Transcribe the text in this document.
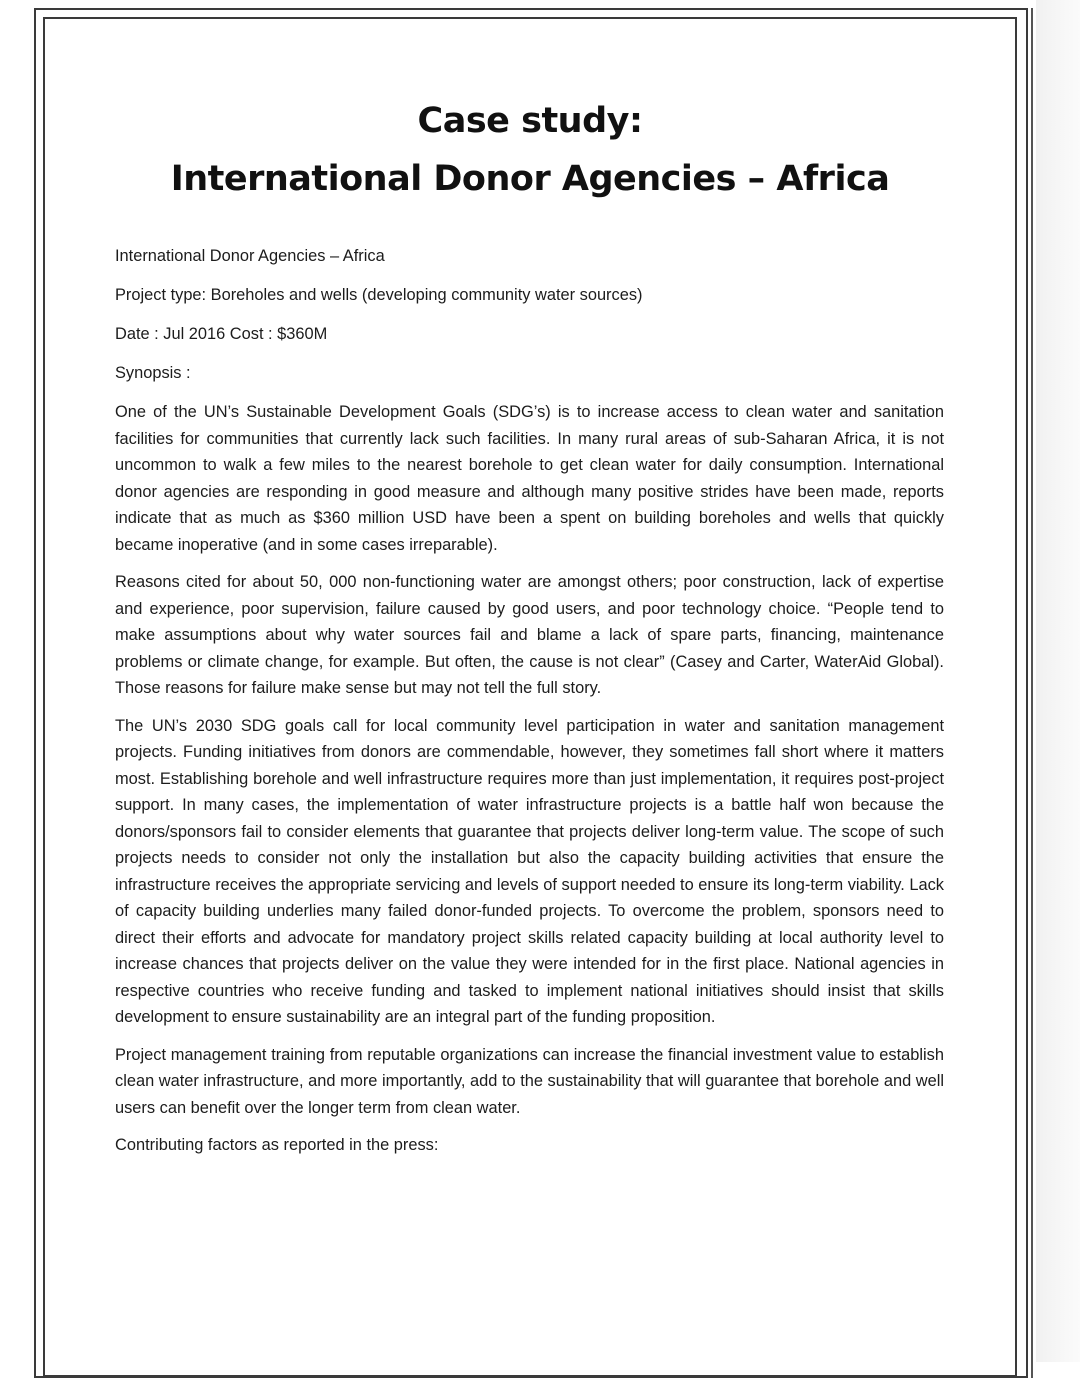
Case study:
International Donor Agencies – Africa
International Donor Agencies – Africa
Project type: Boreholes and wells (developing community water sources)
Date : Jul 2016 Cost : $360M
Synopsis :

One of the UN’s Sustainable Development Goals (SDG’s) is to increase access to clean water and sanitation facilities for communities that currently lack such facilities. In many rural areas of sub-Saharan Africa, it is not uncommon to walk a few miles to the nearest borehole to get clean water for daily consumption. International donor agencies are responding in good measure and although many positive strides have been made, reports indicate that as much as $360 million USD have been a spent on building boreholes and wells that quickly became inoperative (and in some cases irreparable).

Reasons cited for about 50, 000 non-functioning water are amongst others; poor construction, lack of expertise and experience, poor supervision, failure caused by good users, and poor technology choice. “People tend to make assumptions about why water sources fail and blame a lack of spare parts, financing, maintenance problems or climate change, for example. But often, the cause is not clear” (Casey and Carter, WaterAid Global). Those reasons for failure make sense but may not tell the full story.

The UN’s 2030 SDG goals call for local community level participation in water and sanitation management projects. Funding initiatives from donors are commendable, however, they sometimes fall short where it matters most. Establishing borehole and well infrastructure requires more than just implementation, it requires post-project support. In many cases, the implementation of water infrastructure projects is a battle half won because the donors/sponsors fail to consider elements that guarantee that projects deliver long-term value. The scope of such projects needs to consider not only the installation but also the capacity building activities that ensure the infrastructure receives the appropriate servicing and levels of support needed to ensure its long-term viability. Lack of capacity building underlies many failed donor-funded projects. To overcome the problem, sponsors need to direct their efforts and advocate for mandatory project skills related capacity building at local authority level to increase chances that projects deliver on the value they were intended for in the first place. National agencies in respective countries who receive funding and tasked to implement national initiatives should insist that skills development to ensure sustainability are an integral part of the funding proposition.

Project management training from reputable organizations can increase the financial investment value to establish clean water infrastructure, and more importantly, add to the sustainability that will guarantee that borehole and well users can benefit over the longer term from clean water.

Contributing factors as reported in the press:
